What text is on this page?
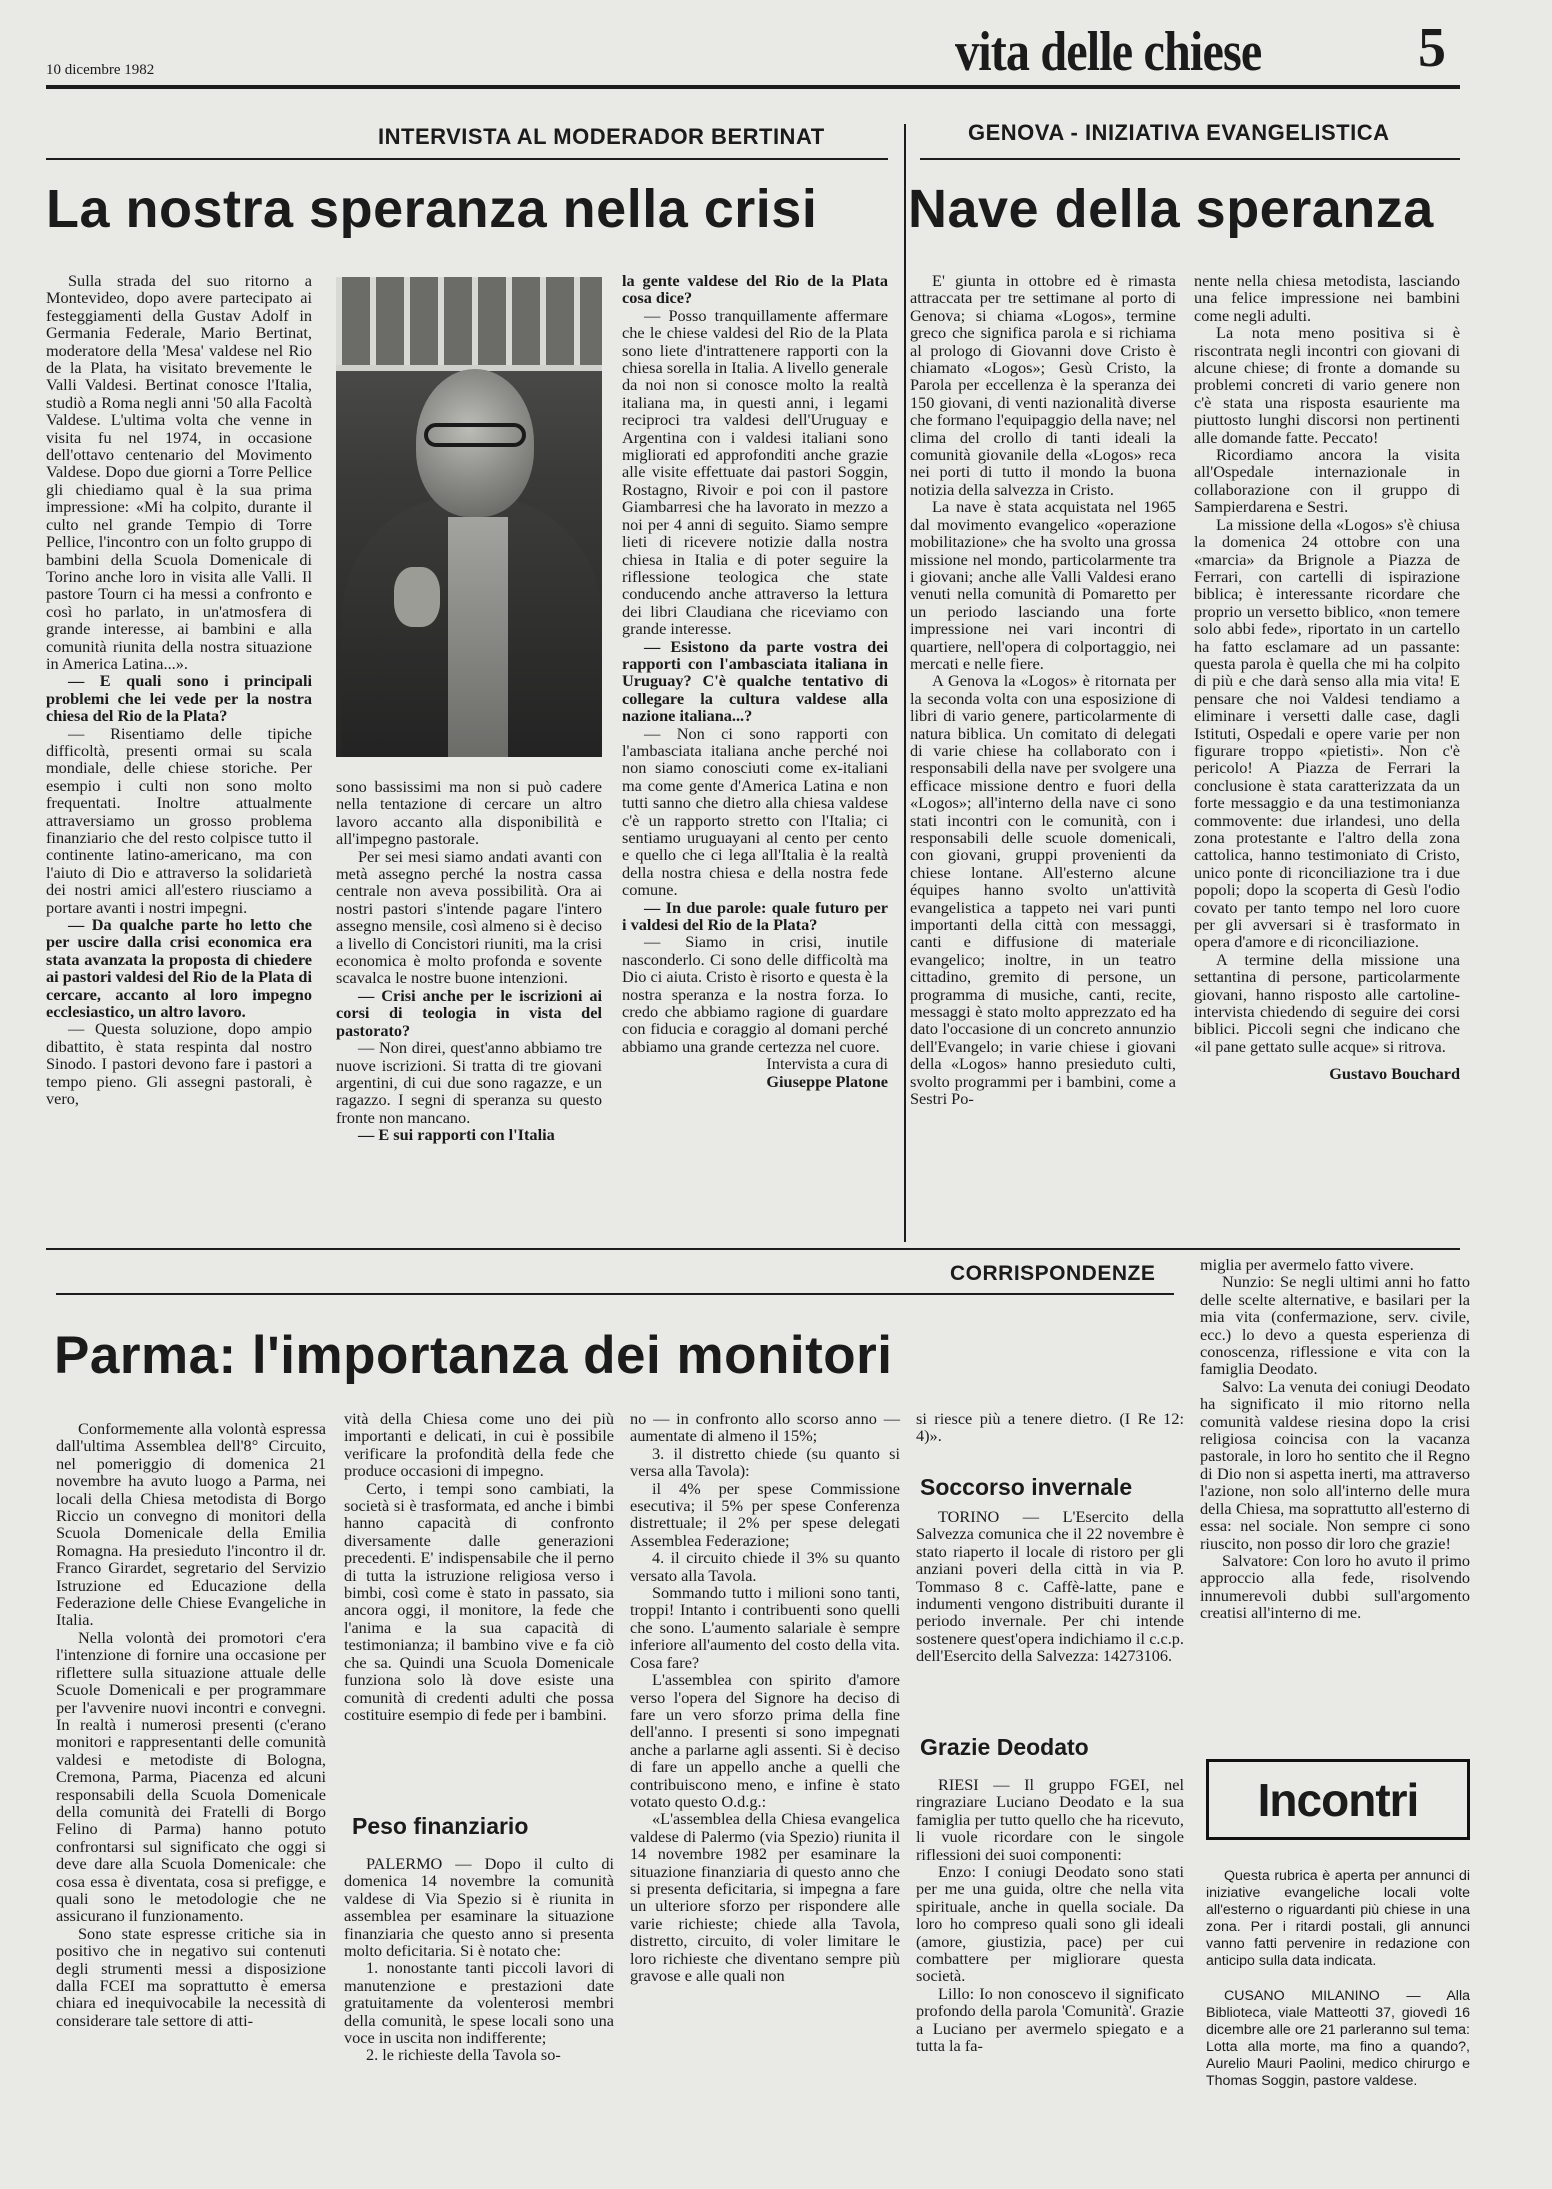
10 dicembre 1982	vita delle chiese	5
INTERVISTA AL MODERADOR BERTINAT
La nostra speranza nella crisi

Sulla strada del suo ritorno a Montevideo, dopo avere partecipato ai festeggiamenti della Gustav Adolf in Germania Federale, Mario Bertinat, moderatore della 'Mesa' valdese nel Rio de la Plata, ha visitato brevemente le Valli Valdesi. Bertinat conosce l'Italia, studiò a Roma negli anni '50 alla Facoltà Valdese. L'ultima volta che venne in visita fu nel 1974, in occasione dell'ottavo centenario del Movimento Valdese. Dopo due giorni a Torre Pellice gli chiediamo qual è la sua prima impressione: «Mi ha colpito, durante il culto nel grande Tempio di Torre Pellice, l'incontro con un folto gruppo di bambini della Scuola Domenicale di Torino anche loro in visita alle Valli. Il pastore Tourn ci ha messi a confronto e così ho parlato, in un'atmosfera di grande interesse, ai bambini e alla comunità riunita della nostra situazione in America Latina...».

— E quali sono i principali problemi che lei vede per la nostra chiesa del Rio de la Plata?

— Risentiamo delle tipiche difficoltà, presenti ormai su scala mondiale, delle chiese storiche. Per esempio i culti non sono molto frequentati. Inoltre attualmente attraversiamo un grosso problema finanziario che del resto colpisce tutto il continente latino-americano, ma con l'aiuto di Dio e attraverso la solidarietà dei nostri amici all'estero riusciamo a portare avanti i nostri impegni.

— Da qualche parte ho letto che per uscire dalla crisi economica era stata avanzata la proposta di chiedere ai pastori valdesi del Rio de la Plata di cercare, accanto al loro impegno ecclesiastico, un altro lavoro.

— Questa soluzione, dopo ampio dibattito, è stata respinta dal nostro Sinodo. I pastori devono fare i pastori a tempo pieno. Gli assegni pastorali, è vero,

sono bassissimi ma non si può cadere nella tentazione di cercare un altro lavoro accanto alla disponibilità e all'impegno pastorale.

Per sei mesi siamo andati avanti con metà assegno perché la nostra cassa centrale non aveva possibilità. Ora ai nostri pastori s'intende pagare l'intero assegno mensile, così almeno si è deciso a livello di Concistori riuniti, ma la crisi economica è molto profonda e sovente scavalca le nostre buone intenzioni.

— Crisi anche per le iscrizioni ai corsi di teologia in vista del pastorato?

— Non direi, quest'anno abbiamo tre nuove iscrizioni. Si tratta di tre giovani argentini, di cui due sono ragazze, e un ragazzo. I segni di speranza su questo fronte non mancano.

— E sui rapporti con l'Italia

la gente valdese del Rio de la Plata cosa dice?

— Posso tranquillamente affermare che le chiese valdesi del Rio de la Plata sono liete d'intrattenere rapporti con la chiesa sorella in Italia. A livello generale da noi non si conosce molto la realtà italiana ma, in questi anni, i legami reciproci tra valdesi dell'Uruguay e Argentina con i valdesi italiani sono migliorati ed approfonditi anche grazie alle visite effettuate dai pastori Soggin, Rostagno, Rivoir e poi con il pastore Giambarresi che ha lavorato in mezzo a noi per 4 anni di seguito. Siamo sempre lieti di ricevere notizie dalla nostra chiesa in Italia e di poter seguire la riflessione teologica che state conducendo anche attraverso la lettura dei libri Claudiana che riceviamo con grande interesse.

— Esistono da parte vostra dei rapporti con l'ambasciata italiana in Uruguay? C'è qualche tentativo di collegare la cultura valdese alla nazione italiana...?

— Non ci sono rapporti con l'ambasciata italiana anche perché noi non siamo conosciuti come ex-italiani ma come gente d'America Latina e non tutti sanno che dietro alla chiesa valdese c'è un rapporto stretto con l'Italia; ci sentiamo uruguayani al cento per cento e quello che ci lega all'Italia è la realtà della nostra chiesa e della nostra fede comune.

— In due parole: quale futuro per i valdesi del Rio de la Plata?

— Siamo in crisi, inutile nasconderlo. Ci sono delle difficoltà ma Dio ci aiuta. Cristo è risorto e questa è la nostra speranza e la nostra forza. Io credo che abbiamo ragione di guardare con fiducia e coraggio al domani perché abbiamo una grande certezza nel cuore.

Intervista a cura di

Giuseppe Platone

GENOVA - INIZIATIVA EVANGELISTICA
Nave della speranza

E' giunta in ottobre ed è rimasta attraccata per tre settimane al porto di Genova; si chiama «Logos», termine greco che significa parola e si richiama al prologo di Giovanni dove Cristo è chiamato «Logos»; Gesù Cristo, la Parola per eccellenza è la speranza dei 150 giovani, di venti nazionalità diverse che formano l'equipaggio della nave; nel clima del crollo di tanti ideali la comunità giovanile della «Logos» reca nei porti di tutto il mondo la buona notizia della salvezza in Cristo.

La nave è stata acquistata nel 1965 dal movimento evangelico «operazione mobilitazione» che ha svolto una grossa missione nel mondo, particolarmente tra i giovani; anche alle Valli Valdesi erano venuti nella comunità di Pomaretto per un periodo lasciando una forte impressione nei vari incontri di quartiere, nell'opera di colportaggio, nei mercati e nelle fiere.

A Genova la «Logos» è ritornata per la seconda volta con una esposizione di libri di vario genere, particolarmente di natura biblica. Un comitato di delegati di varie chiese ha collaborato con i responsabili della nave per svolgere una efficace missione dentro e fuori della «Logos»; all'interno della nave ci sono stati incontri con le comunità, con i responsabili delle scuole domenicali, con giovani, gruppi provenienti da chiese lontane. All'esterno alcune équipes hanno svolto un'attività evangelistica a tappeto nei vari punti importanti della città con messaggi, canti e diffusione di materiale evangelico; inoltre, in un teatro cittadino, gremito di persone, un programma di musiche, canti, recite, messaggi è stato molto apprezzato ed ha dato l'occasione di un concreto annunzio dell'Evangelo; in varie chiese i giovani della «Logos» hanno presieduto culti, svolto programmi per i bambini, come a Sestri Po-

nente nella chiesa metodista, lasciando una felice impressione nei bambini come negli adulti.

La nota meno positiva si è riscontrata negli incontri con giovani di alcune chiese; di fronte a domande su problemi concreti di vario genere non c'è stata una risposta esauriente ma piuttosto lunghi discorsi non pertinenti alle domande fatte. Peccato!

Ricordiamo ancora la visita all'Ospedale internazionale in collaborazione con il gruppo di Sampierdarena e Sestri.

La missione della «Logos» s'è chiusa la domenica 24 ottobre con una «marcia» da Brignole a Piazza de Ferrari, con cartelli di ispirazione biblica; è interessante ricordare che proprio un versetto biblico, «non temere solo abbi fede», riportato in un cartello ha fatto esclamare ad un passante: questa parola è quella che mi ha colpito di più e che darà senso alla mia vita! E pensare che noi Valdesi tendiamo a eliminare i versetti dalle case, dagli Istituti, Ospedali e opere varie per non figurare troppo «pietisti». Non c'è pericolo! A Piazza de Ferrari la conclusione è stata caratterizzata da un forte messaggio e da una testimonianza commovente: due irlandesi, uno della zona protestante e l'altro della zona cattolica, hanno testimoniato di Cristo, unico ponte di riconciliazione tra i due popoli; dopo la scoperta di Gesù l'odio covato per tanto tempo nel loro cuore per gli avversari si è trasformato in opera d'amore e di riconciliazione.

A termine della missione una settantina di persone, particolarmente giovani, hanno risposto alle cartoline-intervista chiedendo di seguire dei corsi biblici. Piccoli segni che indicano che «il pane gettato sulle acque» si ritrova.

Gustavo Bouchard

CORRISPONDENZE
Parma: l'importanza dei monitori

Conformemente alla volontà espressa dall'ultima Assemblea dell'8° Circuito, nel pomeriggio di domenica 21 novembre ha avuto luogo a Parma, nei locali della Chiesa metodista di Borgo Riccio un convegno di monitori della Scuola Domenicale della Emilia Romagna. Ha presieduto l'incontro il dr. Franco Girardet, segretario del Servizio Istruzione ed Educazione della Federazione delle Chiese Evangeliche in Italia.

Nella volontà dei promotori c'era l'intenzione di fornire una occasione per riflettere sulla situazione attuale delle Scuole Domenicali e per programmare per l'avvenire nuovi incontri e convegni. In realtà i numerosi presenti (c'erano monitori e rappresentanti delle comunità valdesi e metodiste di Bologna, Cremona, Parma, Piacenza ed alcuni responsabili della Scuola Domenicale della comunità dei Fratelli di Borgo Felino di Parma) hanno potuto confrontarsi sul significato che oggi si deve dare alla Scuola Domenicale: che cosa essa è diventata, cosa si prefigge, e quali sono le metodologie che ne assicurano il funzionamento.

Sono state espresse critiche sia in positivo che in negativo sui contenuti degli strumenti messi a disposizione dalla FCEI ma soprattutto è emersa chiara ed inequivocabile la necessità di considerare tale settore di atti-

vità della Chiesa come uno dei più importanti e delicati, in cui è possibile verificare la profondità della fede che produce occasioni di impegno.

Certo, i tempi sono cambiati, la società si è trasformata, ed anche i bimbi hanno capacità di confronto diversamente dalle generazioni precedenti. E' indispensabile che il perno di tutta la istruzione religiosa verso i bimbi, così come è stato in passato, sia ancora oggi, il monitore, la fede che l'anima e la sua capacità di testimonianza; il bambino vive e fa ciò che sa. Quindi una Scuola Domenicale funziona solo là dove esiste una comunità di credenti adulti che possa costituire esempio di fede per i bambini.

Peso finanziario

PALERMO — Dopo il culto di domenica 14 novembre la comunità valdese di Via Spezio si è riunita in assemblea per esaminare la situazione finanziaria che questo anno si presenta molto deficitaria. Si è notato che:

1. nonostante tanti piccoli lavori di manutenzione e prestazioni date gratuitamente da volenterosi membri della comunità, le spese locali sono una voce in uscita non indifferente;

2. le richieste della Tavola so-

no — in confronto allo scorso anno — aumentate di almeno il 15%;

3. il distretto chiede (su quanto si versa alla Tavola):

il 4% per spese Commissione esecutiva; il 5% per spese Conferenza distrettuale; il 2% per spese delegati Assemblea Federazione;

4. il circuito chiede il 3% su quanto versato alla Tavola.

Sommando tutto i milioni sono tanti, troppi! Intanto i contribuenti sono quelli che sono. L'aumento salariale è sempre inferiore all'aumento del costo della vita. Cosa fare?

L'assemblea con spirito d'amore verso l'opera del Signore ha deciso di fare un vero sforzo prima della fine dell'anno. I presenti si sono impegnati anche a parlarne agli assenti. Si è deciso di fare un appello anche a quelli che contribuiscono meno, e infine è stato votato questo O.d.g.:

«L'assemblea della Chiesa evangelica valdese di Palermo (via Spezio) riunita il 14 novembre 1982 per esaminare la situazione finanziaria di questo anno che si presenta deficitaria, si impegna a fare un ulteriore sforzo per rispondere alle varie richieste; chiede alla Tavola, distretto, circuito, di voler limitare le loro richieste che diventano sempre più gravose e alle quali non

si riesce più a tenere dietro. (I Re 12: 4)».

Soccorso invernale

TORINO — L'Esercito della Salvezza comunica che il 22 novembre è stato riaperto il locale di ristoro per gli anziani poveri della città in via P. Tommaso 8 c. Caffè-latte, pane e indumenti vengono distribuiti durante il periodo invernale. Per chi intende sostenere quest'opera indichiamo il c.c.p. dell'Esercito della Salvezza: 14273106.

Grazie Deodato

RIESI — Il gruppo FGEI, nel ringraziare Luciano Deodato e la sua famiglia per tutto quello che ha ricevuto, li vuole ricordare con le singole riflessioni dei suoi componenti:

Enzo: I coniugi Deodato sono stati per me una guida, oltre che nella vita spirituale, anche in quella sociale. Da loro ho compreso quali sono gli ideali (amore, giustizia, pace) per cui combattere per migliorare questa società.

Lillo: Io non conoscevo il significato profondo della parola 'Comunità'. Grazie a Luciano per avermelo spiegato e a tutta la fa-

miglia per avermelo fatto vivere.

Nunzio: Se negli ultimi anni ho fatto delle scelte alternative, e basilari per la mia vita (confermazione, serv. civile, ecc.) lo devo a questa esperienza di conoscenza, riflessione e vita con la famiglia Deodato.

Salvo: La venuta dei coniugi Deodato ha significato il mio ritorno nella comunità valdese riesina dopo la crisi religiosa coincisa con la vacanza pastorale, in loro ho sentito che il Regno di Dio non si aspetta inerti, ma attraverso l'azione, non solo all'interno delle mura della Chiesa, ma soprattutto all'esterno di essa: nel sociale. Non sempre ci sono riuscito, non posso dir loro che grazie!

Salvatore: Con loro ho avuto il primo approccio alla fede, risolvendo innumerevoli dubbi sull'argomento creatisi all'interno di me.

Incontri

Questa rubrica è aperta per annunci di iniziative evangeliche locali volte all'esterno o riguardanti più chiese in una zona. Per i ritardi postali, gli annunci vanno fatti pervenire in redazione con anticipo sulla data indicata.

CUSANO MILANINO — Alla Biblioteca, viale Matteotti 37, giovedì 16 dicembre alle ore 21 parleranno sul tema: Lotta alla morte, ma fino a quando?, Aurelio Mauri Paolini, medico chirurgo e Thomas Soggin, pastore valdese.
